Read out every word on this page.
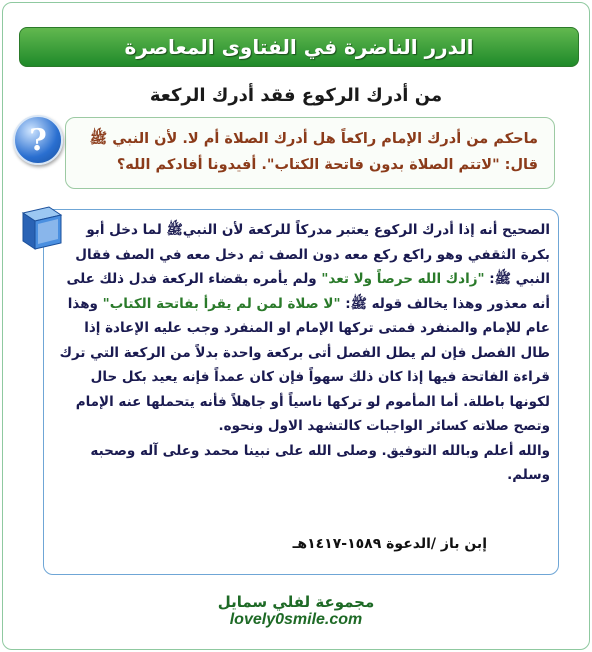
الدرر الناضرة في الفتاوى المعاصرة
من أدرك الركوع فقد أدرك الركعة
ماحكم من أدرك الإمام راكعاً هل أدرك الصلاة أم لا. لأن النبي ﷺ قال: "لاتتم الصلاة بدون فاتحة الكتاب". أفيدونا أفادكم الله؟
?

الصحيح أنه إذا أدرك الركوع يعتبر مدركاً للركعة لأن النبيﷺ لما دخل أبو بكرة الثقفي وهو راكع ركع معه دون الصف ثم دخل معه في الصف فقال النبي ﷺ: "زادك الله حرصاً ولا تعد" ولم يأمره بقضاء الركعة فدل ذلك على أنه معذور وهذا يخالف قوله ﷺ: "لا صلاة لمن لم يقرأ بفاتحة الكتاب" وهذا عام للإمام والمنفرد فمتى تركها الإمام او المنفرد وجب عليه الإعادة إذا طال الفصل فإن لم يطل الفصل أتى بركعة واحدة بدلاً من الركعة التي ترك قراءة الفاتحة فيها إذا كان ذلك سهواً فإن كان عمداً فإنه يعيد بكل حال لكونها باطلة. أما المأموم لو تركها ناسياً أو جاهلاً فأنه يتحملها عنه الإمام وتصح صلاته كسائر الواجبات كالتشهد الاول ونحوه.

والله أعلم وبالله التوفيق. وصلى الله على نبينا محمد وعلى آله وصحبه وسلم.

إبن باز /الدعوة ١٥٨٩-١٤١٧هـ
مجموعة لفلي سمايل
lovely0smile.com
